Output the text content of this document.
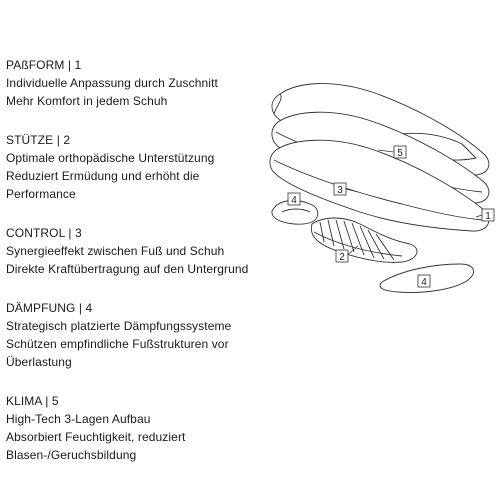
PAßFORM | 1
Individuelle Anpassung durch Zuschnitt
Mehr Komfort in jedem Schuh
STÜTZE | 2
Optimale orthopädische Unterstützung
Reduziert Ermüdung und erhöht die
Performance
CONTROL | 3
Synergieeffekt zwischen Fuß und Schuh
Direkte Kraftübertragung auf den Untergrund
DÄMPFUNG | 4
Strategisch platzierte Dämpfungssysteme
Schützen empfindliche Fußstrukturen vor
Überlastung
KLIMA | 5
High-Tech 3-Lagen Aufbau
Absorbiert Feuchtigkeit, reduziert
Blasen-/Geruchsbildung
5
3
1
4
2
4
